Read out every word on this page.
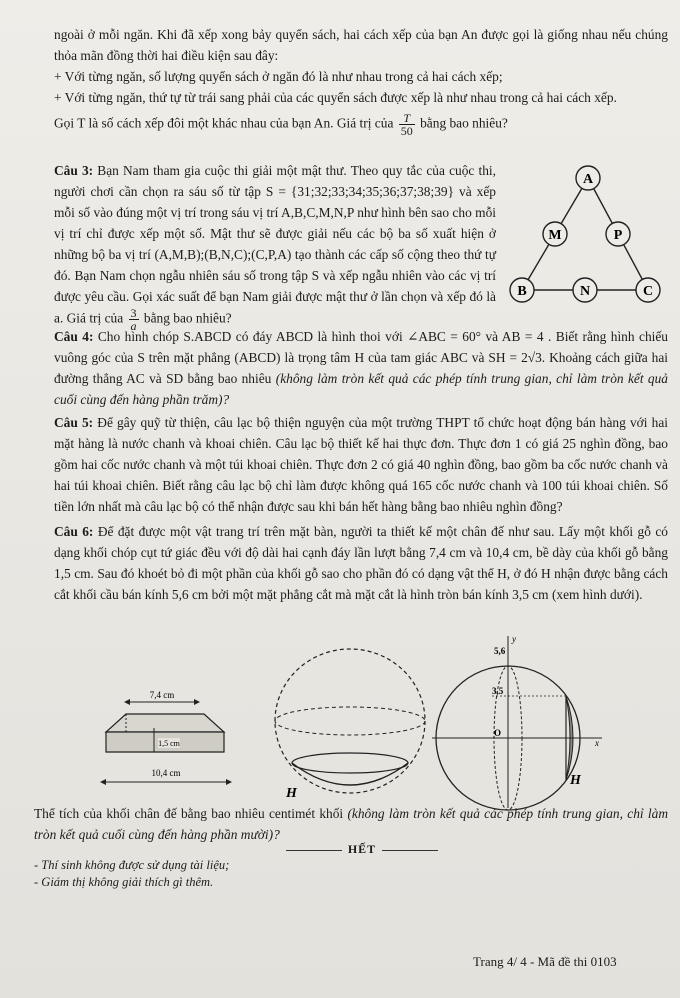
ngoài ở mỗi ngăn. Khi đã xếp xong bảy quyển sách, hai cách xếp của bạn An được gọi là giống nhau nếu chúng thỏa mãn đồng thời hai điều kiện sau đây:

+ Với từng ngăn, số lượng quyển sách ở ngăn đó là như nhau trong cả hai cách xếp;

+ Với từng ngăn, thứ tự từ trái sang phải của các quyển sách được xếp là như nhau trong cả hai cách xếp.

Gọi T là số cách xếp đôi một khác nhau của bạn An. Giá trị của $\frac{T}{50}$ bằng bao nhiêu?

Câu 3: Bạn Nam tham gia cuộc thi giải một mật thư. Theo quy tắc của cuộc thi, người chơi cần chọn ra sáu số từ tập S = {31;32;33;34;35;36;37;38;39} và xếp mỗi số vào đúng một vị trí trong sáu vị trí A,B,C,M,N,P như hình bên sao cho mỗi vị trí chỉ được xếp một số. Mật thư sẽ được giải nếu các bộ ba số xuất hiện ở những bộ ba vị trí (A,M,B);(B,N,C);(C,P,A) tạo thành các cấp số cộng theo thứ tự đó. Bạn Nam chọn ngẫu nhiên sáu số trong tập S và xếp ngẫu nhiên vào các vị trí được yêu cầu. Gọi xác suất để bạn Nam giải được mật thư ở lần chọn và xếp đó là a. Giá trị của $\frac{3}{a}$ bằng bao nhiêu?

A
M	P
B	N	C

Câu 4: Cho hình chóp S.ABCD có đáy ABCD là hình thoi với ∠ABC = 60° và AB = 4 . Biết rằng hình chiếu vuông góc của S trên mặt phẳng (ABCD) là trọng tâm H của tam giác ABC và SH = 2√3. Khoảng cách giữa hai đường thẳng AC và SD bằng bao nhiêu (không làm tròn kết quả các phép tính trung gian, chỉ làm tròn kết quả cuối cùng đến hàng phần trăm)?

Câu 5: Để gây quỹ từ thiện, câu lạc bộ thiện nguyện của một trường THPT tổ chức hoạt động bán hàng với hai mặt hàng là nước chanh và khoai chiên. Câu lạc bộ thiết kế hai thực đơn. Thực đơn 1 có giá 25 nghìn đồng, bao gồm hai cốc nước chanh và một túi khoai chiên. Thực đơn 2 có giá 40 nghìn đồng, bao gồm ba cốc nước chanh và hai túi khoai chiên. Biết rằng câu lạc bộ chỉ làm được không quá 165 cốc nước chanh và 100 túi khoai chiên. Số tiền lớn nhất mà câu lạc bộ có thể nhận được sau khi bán hết hàng bằng bao nhiêu nghìn đồng?

Câu 6: Để đặt được một vật trang trí trên mặt bàn, người ta thiết kế một chân đế như sau. Lấy một khối gỗ có dạng khối chóp cụt tứ giác đều với độ dài hai cạnh đáy lần lượt bằng 7,4 cm và 10,4 cm, bề dày của khối gỗ bằng 1,5 cm. Sau đó khoét bỏ đi một phần của khối gỗ sao cho phần đó có dạng vật thể H, ở đó H nhận được bằng cách cắt khối cầu bán kính 5,6 cm bởi một mặt phẳng cắt mà mặt cắt là hình tròn bán kính 3,5 cm (xem hình dưới).

7,4 cm
1,5 cm
10,4 cm
H
y
x
O
5,6
3,5
H

Thể tích của khối chân đế bằng bao nhiêu centimét khối (không làm tròn kết quả các phép tính trung gian, chỉ làm tròn kết quả cuối cùng đến hàng phần mười)?

HẾT
- Thí sinh không được sử dụng tài liệu;
- Giám thị không giải thích gì thêm.
Trang 4/ 4 - Mã đề thi 0103
